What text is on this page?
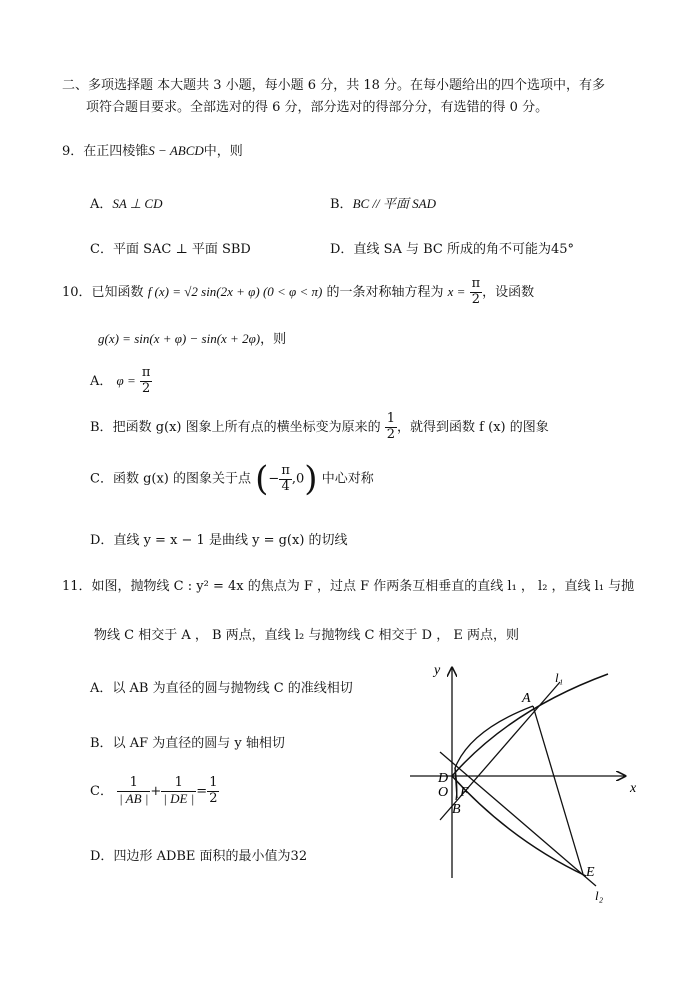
二、多项选择题 本大题共 3 小题，每小题 6 分，共 18 分。在每小题给出的四个选项中，有多
项符合题目要求。全部选对的得 6 分，部分选对的得部分分，有选错的得 0 分。
9．在正四棱锥S − ABCD中，则
A．SA ⊥ CD	B．BC // 平面 SAD
C．平面 SAC ⊥ 平面 SBD	D．直线 SA 与 BC 所成的角不可能为45°
10．已知函数 f (x) = √2 sin(2x + φ) (0 < φ < π) 的一条对称轴方程为 $x = \frac{\pi}{2}$ ，设函数
g(x) = sin(x + φ) − sin(x + 2φ)，则
A． $\varphi = \frac{\pi}{2}$
B．把函数 g(x) 图象上所有点的横坐标变为原来的 $\frac{1}{2}$ ，就得到函数 f (x) 的图象
C．函数 g(x) 的图象关于点 (− $\frac{\pi}{4} ,0$) 中心对称
D．直线 y = x − 1 是曲线 y = g(x) 的切线
11．如图，抛物线 C : y² = 4x 的焦点为 F ，过点 F 作两条互相垂直的直线 l₁ ， l₂ ，直线 l₁ 与抛
物线 C 相交于 A ， B 两点，直线 l₂ 与抛物线 C 相交于 D ， E 两点，则
A．以 AB 为直径的圆与抛物线 C 的准线相切
B．以 AF 为直径的圆与 y 轴相切
C． $\frac{1}{| AB |} + \frac{1}{| DE |} = \frac{1}{2}$
D．四边形 ADBE 面积的最小值为32
y
x
l₁
l₂
A
B
D
E
O F
